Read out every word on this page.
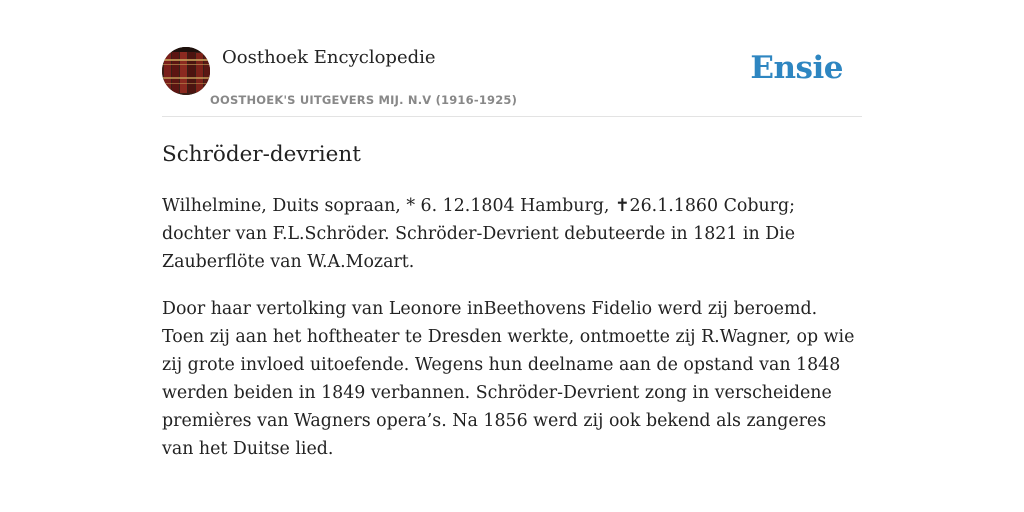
Oosthoek Encyclopedie
OOSTHOEK'S UITGEVERS MIJ. N.V (1916-1925)
Ensie
Schröder-devrient

Wilhelmine, Duits sopraan, * 6. 12.1804 Hamburg, ✝26.1.1860 Coburg; dochter van F.L.Schröder. Schröder-Devrient debuteerde in 1821 in Die Zauberflöte van W.A.Mozart.

Door haar vertolking van Leonore inBeethovens Fidelio werd zij beroemd. Toen zij aan het hoftheater te Dresden werkte, ontmoette zij R.Wagner, op wie zij grote invloed uitoefende. Wegens hun deelname aan de opstand van 1848 werden beiden in 1849 verbannen. Schröder-Devrient zong in verscheidene premières van Wagners opera’s. Na 1856 werd zij ook bekend als zangeres van het Duitse lied.
